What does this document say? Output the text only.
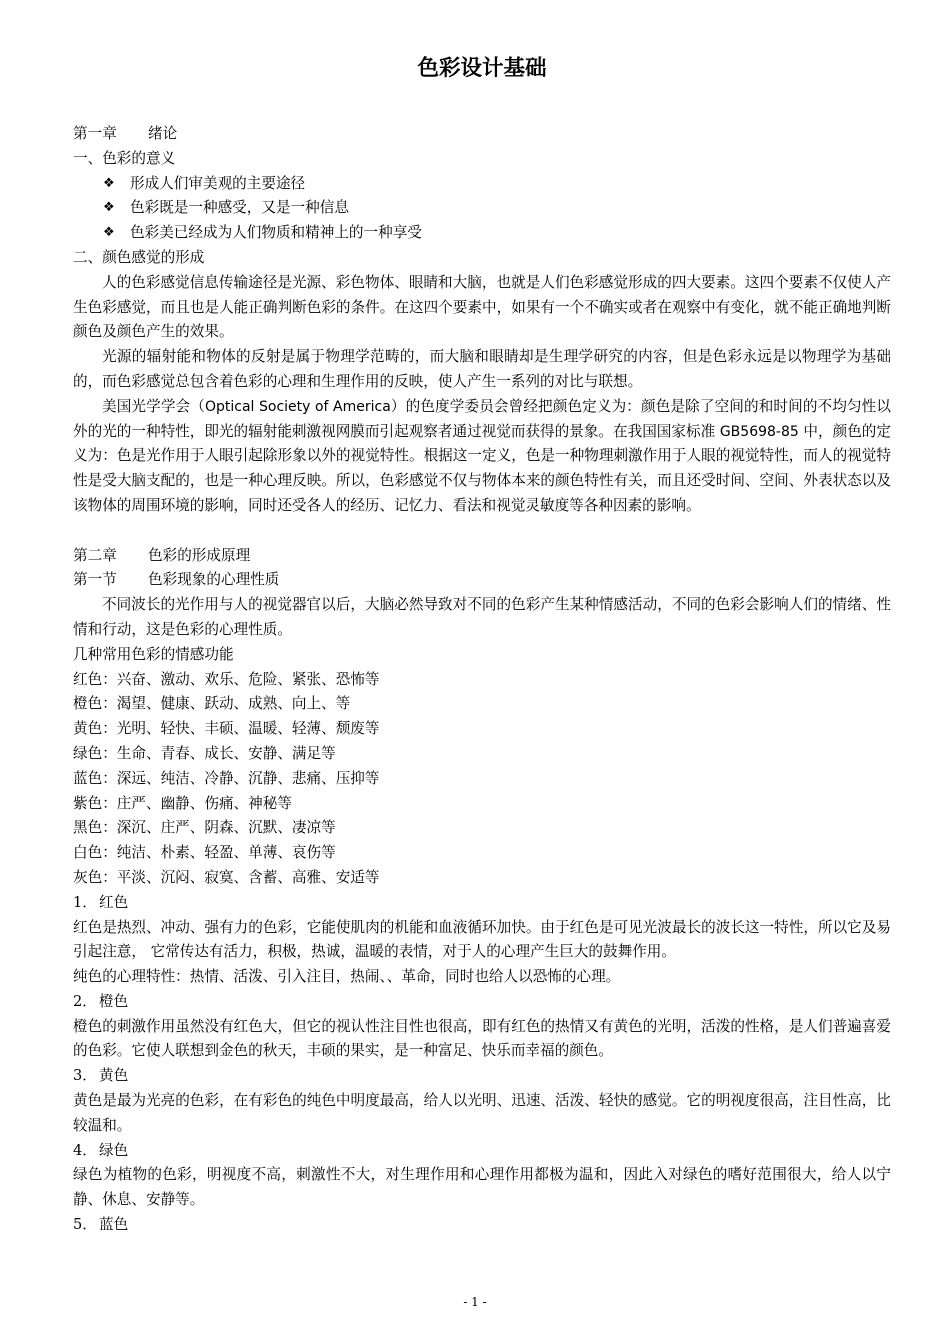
色彩设计基础
第一章	绪论
一、色彩的意义
❖	形成人们审美观的主要途径
❖	色彩既是一种感受，又是一种信息
❖	色彩美已经成为人们物质和精神上的一种享受
二、颜色感觉的形成

人的色彩感觉信息传输途径是光源、彩色物体、眼睛和大脑，也就是人们色彩感觉形成的四大要素。这四个要素不仅使人产生色彩感觉，而且也是人能正确判断色彩的条件。在这四个要素中，如果有一个不确实或者在观察中有变化，就不能正确地判断颜色及颜色产生的效果。

光源的辐射能和物体的反射是属于物理学范畴的，而大脑和眼睛却是生理学研究的内容，但是色彩永远是以物理学为基础的，而色彩感觉总包含着色彩的心理和生理作用的反映，使人产生一系列的对比与联想。

美国光学学会（Optical Society of America）的色度学委员会曾经把颜色定义为：颜色是除了空间的和时间的不均匀性以外的光的一种特性，即光的辐射能刺激视网膜而引起观察者通过视觉而获得的景象。在我国国家标准 GB5698-85 中，颜色的定义为：色是光作用于人眼引起除形象以外的视觉特性。根据这一定义，色是一种物理刺激作用于人眼的视觉特性，而人的视觉特性是受大脑支配的，也是一种心理反映。所以，色彩感觉不仅与物体本来的颜色特性有关，而且还受时间、空间、外表状态以及该物体的周围环境的影响，同时还受各人的经历、记忆力、看法和视觉灵敏度等各种因素的影响。

第二章	色彩的形成原理
第一节	色彩现象的心理性质

不同波长的光作用与人的视觉器官以后，大脑必然导致对不同的色彩产生某种情感活动，不同的色彩会影响人们的情绪、性情和行动，这是色彩的心理性质。

几种常用色彩的情感功能
红色：兴奋、激动、欢乐、危险、紧张、恐怖等
橙色：渴望、健康、跃动、成熟、向上、等
黄色：光明、轻快、丰硕、温暖、轻薄、颓废等
绿色：生命、青春、成长、安静、满足等
蓝色：深远、纯洁、冷静、沉静、悲痛、压抑等
紫色：庄严、幽静、伤痛、神秘等
黑色：深沉、庄严、阴森、沉默、凄凉等
白色：纯洁、朴素、轻盈、单薄、哀伤等
灰色：平淡、沉闷、寂寞、含蓄、高雅、安适等
1． 红色

红色是热烈、冲动、强有力的色彩，它能使肌肉的机能和血液循环加快。由于红色是可见光波最长的波长这一特性，所以它及易引起注意， 它常传达有活力，积极，热诚，温暖的表情，对于人的心理产生巨大的鼓舞作用。

纯色的心理特性：热情、活泼、引入注目，热闹、、革命，同时也给人以恐怖的心理。

2． 橙色

橙色的刺激作用虽然没有红色大，但它的视认性注目性也很高，即有红色的热情又有黄色的光明，活泼的性格，是人们普遍喜爱的色彩。它使人联想到金色的秋天，丰硕的果实，是一种富足、快乐而幸福的颜色。

3． 黄色

黄色是最为光亮的色彩，在有彩色的纯色中明度最高，给人以光明、迅速、活泼、轻快的感觉。它的明视度很高，注目性高，比较温和。

4． 绿色

绿色为植物的色彩，明视度不高，刺激性不大，对生理作用和心理作用都极为温和，因此入对绿色的嗜好范围很大，给人以宁静、休息、安静等。

5． 蓝色
- 1 -
